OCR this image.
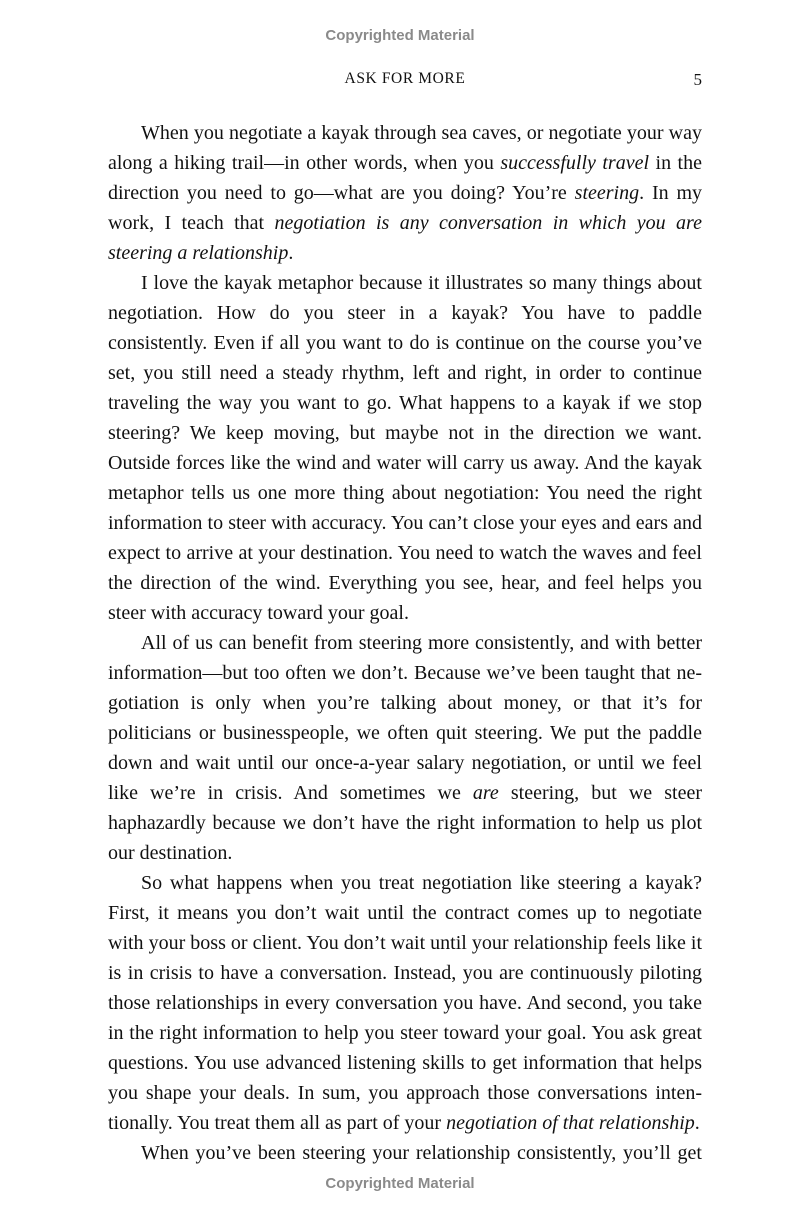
Copyrighted Material
ASK FOR MORE	5

When you negotiate a kayak through sea caves, or negotiate your way along a hiking trail—in other words, when you successfully travel in the direction you need to go—what are you doing? You’re steering. In my work, I teach that negotiation is any conversation in which you are steering a relationship.

I love the kayak metaphor because it illustrates so many things about negotiation. How do you steer in a kayak? You have to paddle consistently. Even if all you want to do is continue on the course you’ve set, you still need a steady rhythm, left and right, in order to continue traveling the way you want to go. What happens to a kayak if we stop steering? We keep moving, but maybe not in the direction we want. Outside forces like the wind and water will carry us away. And the kayak metaphor tells us one more thing about negotiation: You need the right information to steer with accuracy. You can’t close your eyes and ears and expect to arrive at your destination. You need to watch the waves and feel the direction of the wind. Everything you see, hear, and feel helps you steer with accuracy toward your goal.

All of us can benefit from steering more consistently, and with better information—but too often we don’t. Because we’ve been taught that negotiation is only when you’re talking about money, or that it’s for politicians or businesspeople, we often quit steering. We put the paddle down and wait until our once-a-year salary negotiation, or until we feel like we’re in crisis. And sometimes we are steering, but we steer haphazardly because we don’t have the right information to help us plot our destination.

So what happens when you treat negotiation like steering a kayak? First, it means you don’t wait until the contract comes up to negotiate with your boss or client. You don’t wait until your relationship feels like it is in crisis to have a conversation. Instead, you are continuously piloting those relationships in every conversation you have. And second, you take in the right information to help you steer toward your goal. You ask great questions. You use advanced listening skills to get information that helps you shape your deals. In sum, you approach those conversations intentionally. You treat them all as part of your negotiation of that relationship.

When you’ve been steering your relationship consistently, you’ll get

Copyrighted Material
